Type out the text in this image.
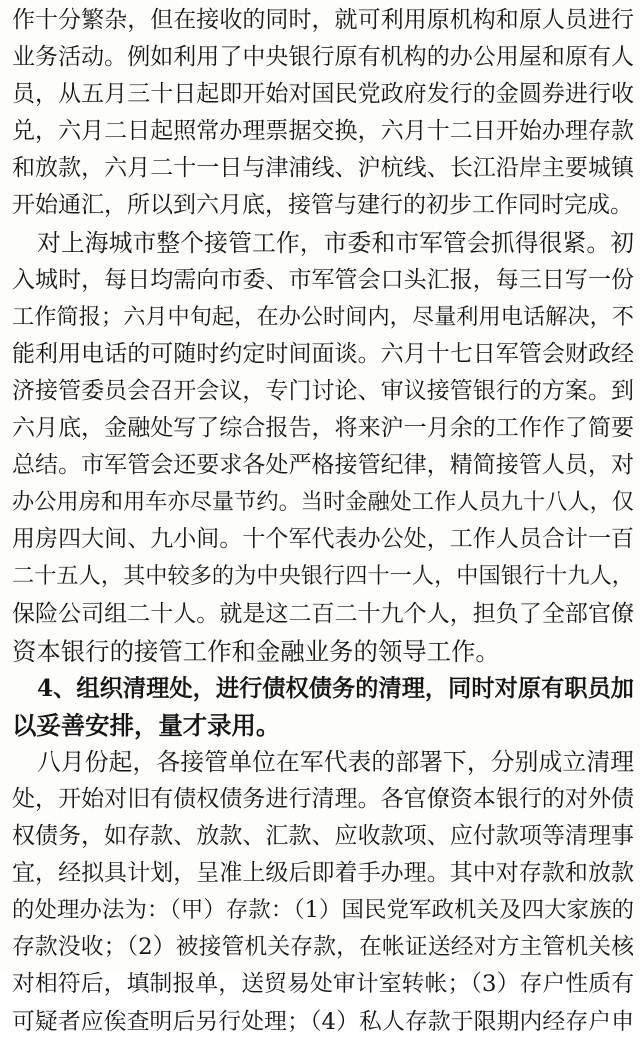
作十分繁杂，但在接收的同时，就可利用原机构和原人员进行
业务活动。例如利用了中央银行原有机构的办公用屋和原有人
员，从五月三十日起即开始对国民党政府发行的金圆券进行收
兑，六月二日起照常办理票据交换，六月十二日开始办理存款
和放款，六月二十一日与津浦线、沪杭线、长江沿岸主要城镇
开始通汇，所以到六月底，接管与建行的初步工作同时完成。
对上海城市整个接管工作，市委和市军管会抓得很紧。初
入城时，每日均需向市委、市军管会口头汇报，每三日写一份
工作简报；六月中旬起，在办公时间内，尽量利用电话解决，不
能利用电话的可随时约定时间面谈。六月十七日军管会财政经
济接管委员会召开会议，专门讨论、审议接管银行的方案。到
六月底，金融处写了综合报告，将来沪一月余的工作作了简要
总结。市军管会还要求各处严格接管纪律，精简接管人员，对
办公用房和用车亦尽量节约。当时金融处工作人员九十八人，仅
用房四大间、九小间。十个军代表办公处，工作人员合计一百
二十五人，其中较多的为中央银行四十一人，中国银行十九人，
保险公司组二十人。就是这二百二十九个人，担负了全部官僚
资本银行的接管工作和金融业务的领导工作。
4、组织清理处，进行债权债务的清理，同时对原有职员加
以妥善安排，量才录用。
八月份起，各接管单位在军代表的部署下，分别成立清理
处，开始对旧有债权债务进行清理。各官僚资本银行的对外债
权债务，如存款、放款、汇款、应收款项、应付款项等清理事
宜，经拟具计划，呈准上级后即着手办理。其中对存款和放款
的处理办法为：（甲）存款：（1）国民党军政机关及四大家族的
存款没收；（2）被接管机关存款，在帐证送经对方主管机关核
对相符后，填制报单，送贸易处审计室转帐；（3）存户性质有
可疑者应俟查明后另行处理；（4）私人存款于限期内经存户申
